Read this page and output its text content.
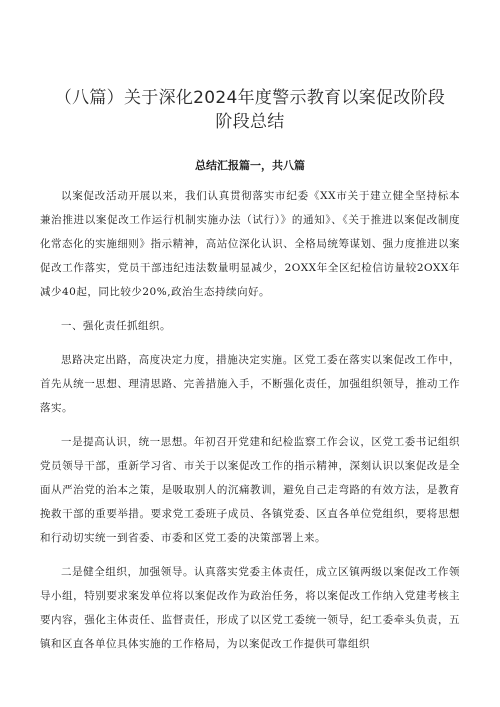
（八篇）关于深化2024年度警示教育以案促改阶段
阶段总结
总结汇报篇一，共八篇

以案促改活动开展以来，我们认真贯彻落实市纪委《XX市关于建立健全坚持标本兼治推进以案促改工作运行机制实施办法（试行）》的通知》、《关于推进以案促改制度化常态化的实施细则》指示精神，高站位深化认识、全格局统筹谋划、强力度推进以案促改工作落实，党员干部违纪违法数量明显减少，2OXX年全区纪检信访量较2OXX年减少40起，同比较少20%,政治生态持续向好。

一、强化责任抓组织。

思路决定出路，高度决定力度，措施决定实施。区党工委在落实以案促改工作中，首先从统一思想、理清思路、完善措施入手，不断强化责任，加强组织领导，推动工作落实。

一是提高认识，统一思想。年初召开党建和纪检监察工作会议，区党工委书记组织党员领导干部，重新学习省、市关于以案促改工作的指示精神，深刻认识以案促改是全面从严治党的治本之策，是吸取别人的沉痛教训，避免自己走弯路的有效方法，是教育挽救干部的重要举措。要求党工委班子成员、各镇党委、区直各单位党组织，要将思想和行动切实统一到省委、市委和区党工委的决策部署上来。

二是健全组织，加强领导。认真落实党委主体责任，成立区镇两级以案促改工作领导小组，特别要求案发单位将以案促改作为政治任务，将以案促改工作纳入党建考核主要内容，强化主体责任、监督责任，形成了以区党工委统一领导，纪工委牵头负责，五镇和区直各单位具体实施的工作格局，为以案促改工作提供可靠组织
